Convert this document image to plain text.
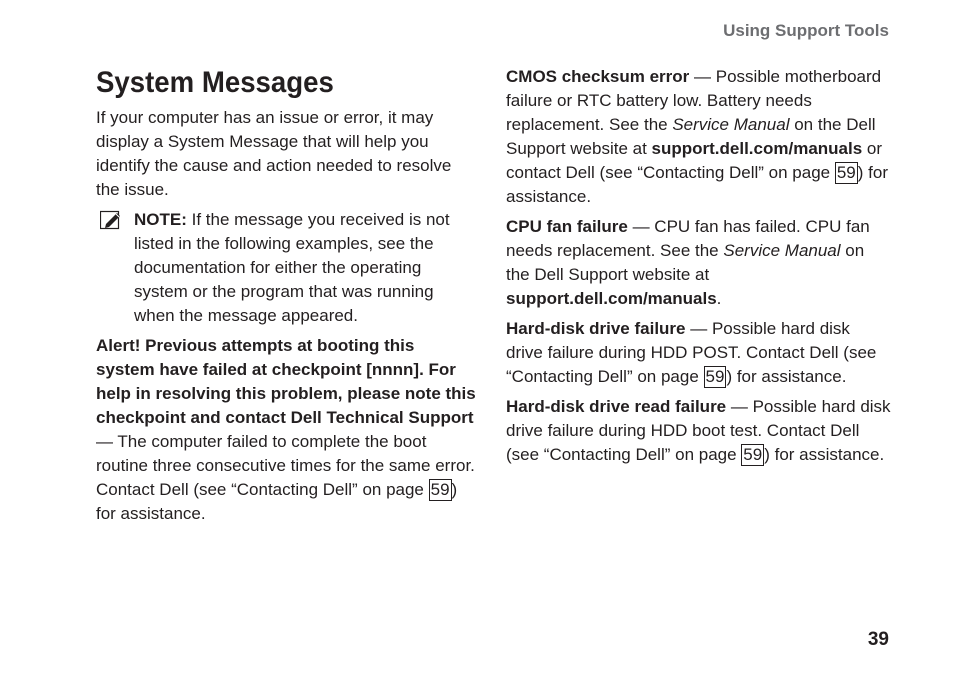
Using Support Tools
System Messages

If your computer has an issue or error, it may display a System Message that will help you identify the cause and action needed to resolve the issue.

NOTE: If the message you received is not listed in the following examples, see the documentation for either the operating system or the program that was running when the message appeared.

Alert! Previous attempts at booting this system have failed at checkpoint [nnnn]. For help in resolving this problem, please note this checkpoint and contact Dell Technical Support — The computer failed to complete the boot routine three consecutive times for the same error. Contact Dell (see “Contacting Dell” on page 59 ) for assistance.

CMOS checksum error — Possible motherboard failure or RTC battery low. Battery needs replacement. See the Service Manual on the Dell Support website at support.dell.com/manuals or contact Dell (see “Contacting Dell” on page 59 ) for assistance.

CPU fan failure — CPU fan has failed. CPU fan needs replacement. See the Service Manual on the Dell Support website at support.dell.com/manuals.

Hard-disk drive failure — Possible hard disk drive failure during HDD POST. Contact Dell (see “Contacting Dell” on page 59 ) for assistance.

Hard-disk drive read failure — Possible hard disk drive failure during HDD boot test. Contact Dell (see “Contacting Dell” on page 59 ) for assistance.

39
